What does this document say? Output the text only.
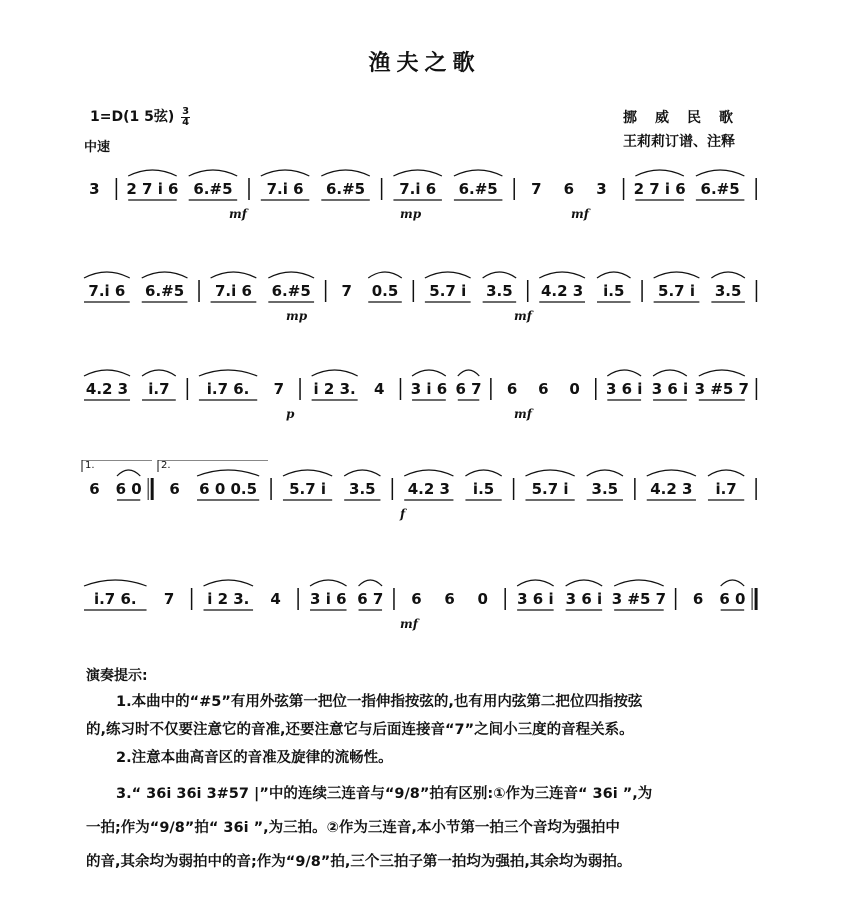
渔夫之歌
1=D(1 5弦) $\frac{3}{4}$
中速
挪威民歌
王莉莉订谱、注释
3 2 7 i 6 6.#5 7.i 6 6.#5 7.i 6 6.#5 7 6 3 2 7 i 6 6.#5
mf	mp	mf
7.i 6 6.#5 7.i 6 6.#5 7 0.5 5.7 i 3.5 4.2 3 i.5 5.7 i 3.5
mp	mf
4.2 3 i.7 i.7 6. 7 i 2 3. 4 3 i 6 6 7 6 6 0 3 6 i 3 6 i 3 #5 7
p	mf
6 6 0 6 6 0 0.5 5.7 i 3.5 4.2 3 i.5 5.7 i 3.5 4.2 3 i.7
f
1.	2.
i.7 6. 7 i 2 3. 4 3 i 6 6 7 6 6 0 3 6 i 3 6 i 3 #5 7 6 6 0
mf
演奏提示:
1.本曲中的“#5”有用外弦第一把位一指伸指按弦的,也有用内弦第二把位四指按弦
的,练习时不仅要注意它的音准,还要注意它与后面连接音“7”之间小三度的音程关系。
2.注意本曲高音区的音准及旋律的流畅性。
3.“ 36i 36i 3#57 |”中的连续三连音与“9/8”拍有区别:①作为三连音“ 36i ”,为
一拍;作为“9/8”拍“ 36i ”,为三拍。②作为三连音,本小节第一拍三个音均为强拍中
的音,其余均为弱拍中的音;作为“9/8”拍,三个三拍子第一拍均为强拍,其余均为弱拍。
